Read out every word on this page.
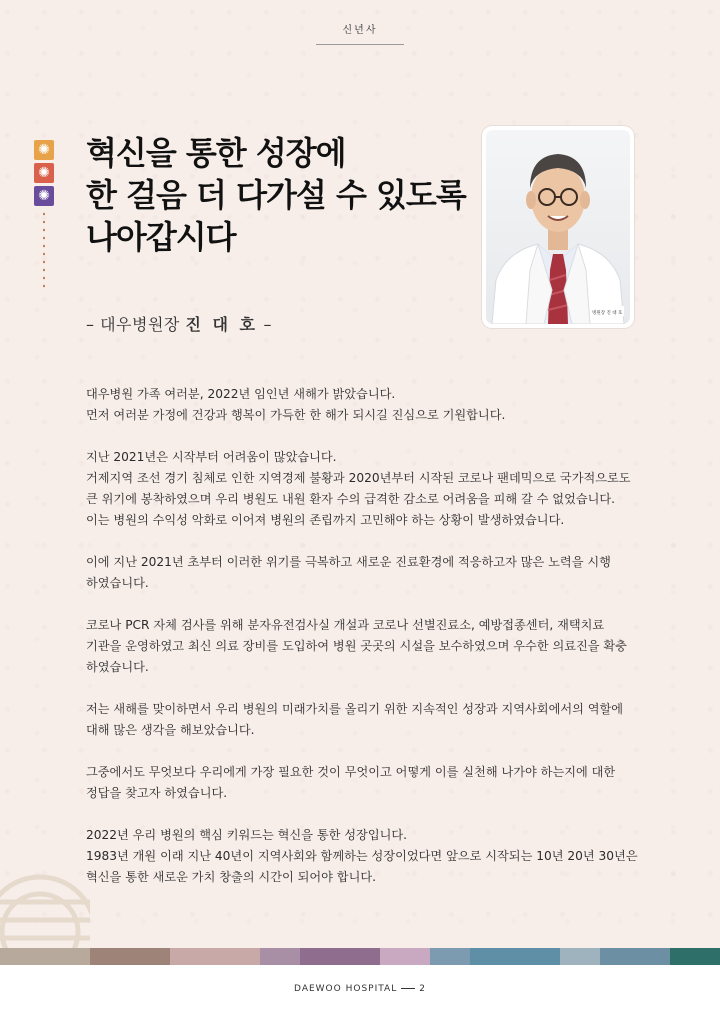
신년사
✺
✺
✺
혁신을 통한 성장에
한 걸음 더 다가설 수 있도록
나아갑시다
– 대우병원장 진 대 호 –
병원장 진 대 호

대우병원 가족 여러분, 2022년 임인년 새해가 밝았습니다.
먼저 여러분 가정에 건강과 행복이 가득한 한 해가 되시길 진심으로 기원합니다.

지난 2021년은 시작부터 어려움이 많았습니다.
거제지역 조선 경기 침체로 인한 지역경제 불황과 2020년부터 시작된 코로나 팬데믹으로 국가적으로도
큰 위기에 봉착하였으며 우리 병원도 내원 환자 수의 급격한 감소로 어려움을 피해 갈 수 없었습니다.
이는 병원의 수익성 악화로 이어져 병원의 존립까지 고민해야 하는 상황이 발생하였습니다.

이에 지난 2021년 초부터 이러한 위기를 극복하고 새로운 진료환경에 적응하고자 많은 노력을 시행
하였습니다.

코로나 PCR 자체 검사를 위해 분자유전검사실 개설과 코로나 선별진료소, 예방접종센터, 재택치료
기관을 운영하였고 최신 의료 장비를 도입하여 병원 곳곳의 시설을 보수하였으며 우수한 의료진을 확충
하였습니다.

저는 새해를 맞이하면서 우리 병원의 미래가치를 올리기 위한 지속적인 성장과 지역사회에서의 역할에
대해 많은 생각을 해보았습니다.

그중에서도 무엇보다 우리에게 가장 필요한 것이 무엇이고 어떻게 이를 실천해 나가야 하는지에 대한
정답을 찾고자 하였습니다.

2022년 우리 병원의 핵심 키워드는 혁신을 통한 성장입니다.
1983년 개원 이래 지난 40년이 지역사회와 함께하는 성장이었다면 앞으로 시작되는 10년 20년 30년은
혁신을 통한 새로운 가치 창출의 시간이 되어야 합니다.

DAEWOO HOSPITAL 2
